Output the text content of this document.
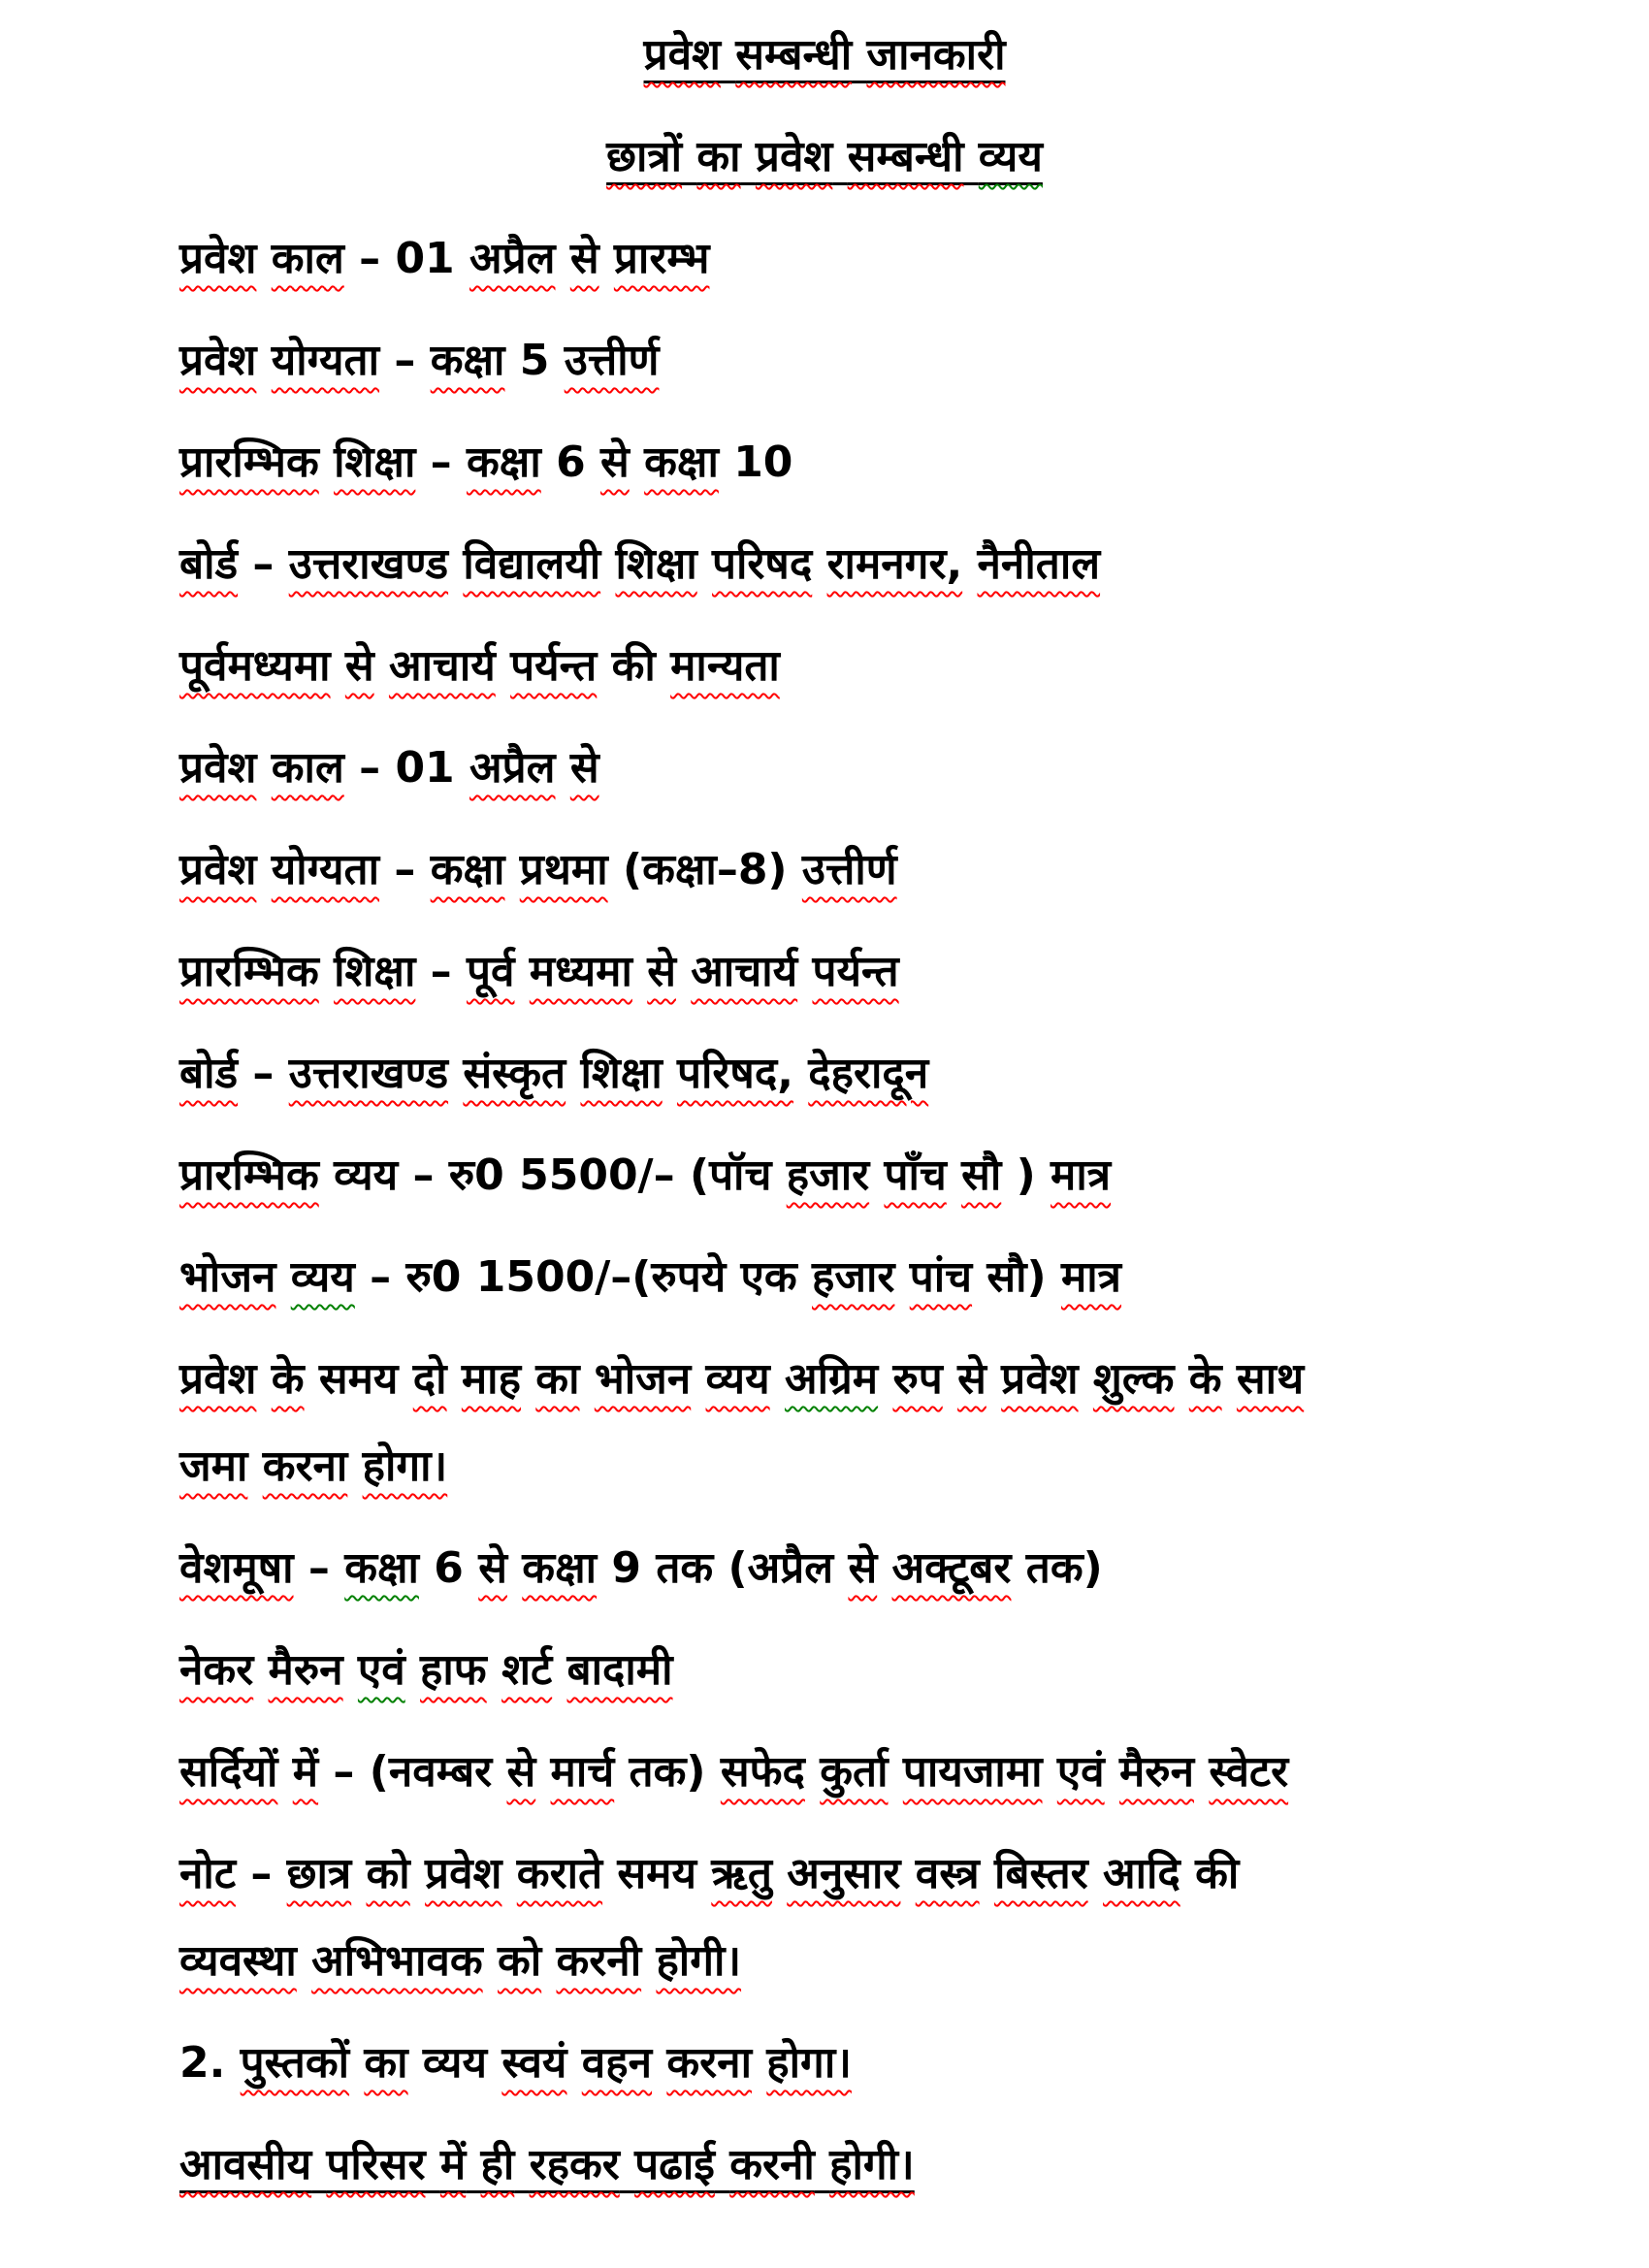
प्रवेश सम्बन्धी जानकारी

छात्रों का प्रवेश सम्बन्धी व्यय

प्रवेश काल – 01 अप्रैल से प्रारम्भ

प्रवेश योग्यता – कक्षा 5 उत्तीर्ण

प्रारम्भिक शिक्षा – कक्षा 6 से कक्षा 10

बोर्ड – उत्तराखण्ड विद्यालयी शिक्षा परिषद रामनगर, नैनीताल

पूर्वमध्यमा से आचार्य पर्यन्त की मान्यता

प्रवेश काल – 01 अप्रैल से

प्रवेश योग्यता – कक्षा प्रथमा (कक्षा–8) उत्तीर्ण

प्रारम्भिक शिक्षा – पूर्व मध्यमा से आचार्य पर्यन्त

बोर्ड – उत्तराखण्ड संस्कृत शिक्षा परिषद, देहरादून

प्रारम्भिक व्यय – रु0 5500/– (पॉच हजार पाँच सौ ) मात्र

भोजन व्यय – रु0 1500/–(रुपये एक हजार पांच सौ) मात्र

प्रवेश के समय दो माह का भोजन व्यय अग्रिम रुप से प्रवेश शुल्क के साथ

जमा करना होगा।

वेशमूषा – कक्षा 6 से कक्षा 9 तक (अप्रैल से अक्टूबर तक)

नेकर मैरुन एवं हाफ शर्ट बादामी

सर्दियों में – (नवम्बर से मार्च तक) सफेद कुर्ता पायजामा एवं मैरुन स्वेटर

नोट – छात्र को प्रवेश कराते समय ऋतु अनुसार वस्त्र बिस्तर आदि की

व्यवस्था अभिभावक को करनी होगी।

2. पुस्तकों का व्यय स्वयं वहन करना होगा।

आवसीय परिसर में ही रहकर पढाई करनी होगी।
